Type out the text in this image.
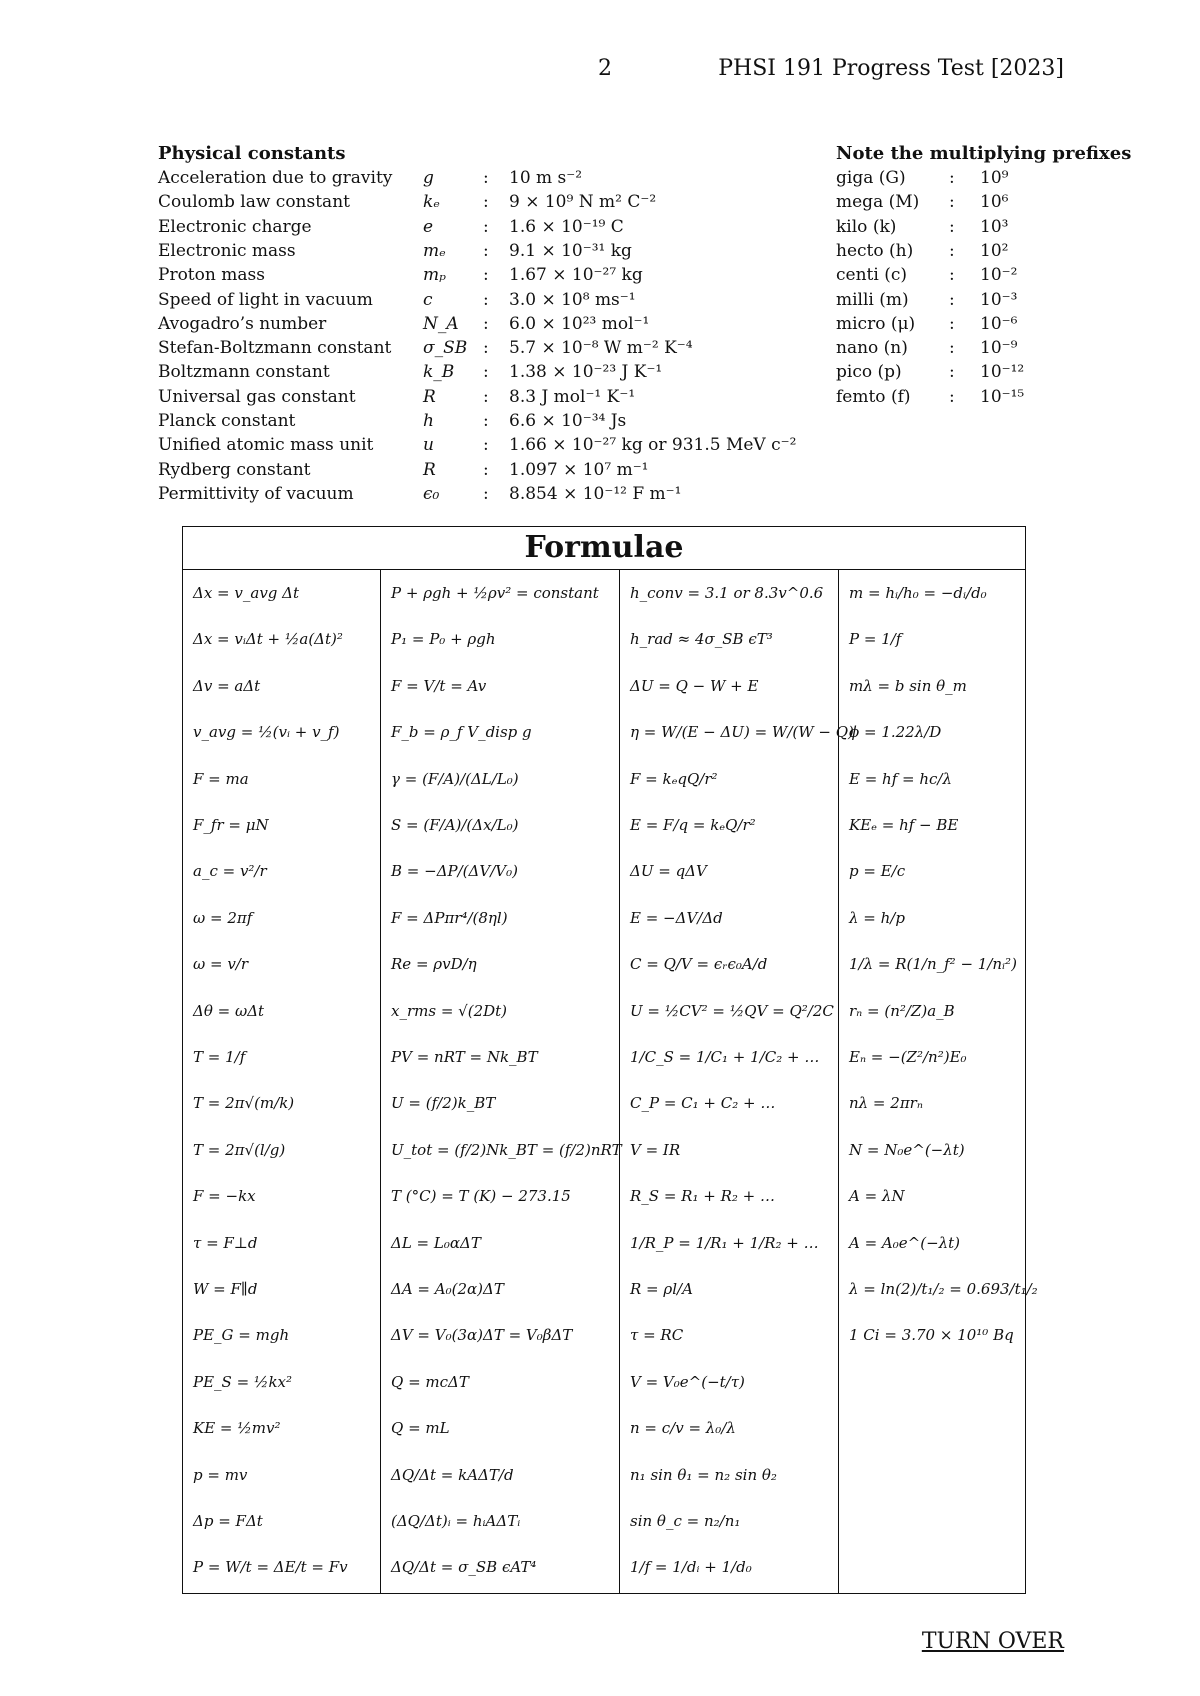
2	PHSI 191 Progress Test [2023]
Physical constants
Acceleration due to gravity g	: 10 m s⁻²
Coulomb law constant	kₑ	: 9 × 10⁹ N m² C⁻²
Electronic charge	e	: 1.6 × 10⁻¹⁹ C
Electronic mass	mₑ : 9.1 × 10⁻³¹ kg
Proton mass	mₚ : 1.67 × 10⁻²⁷ kg
Speed of light in vacuum	c	: 3.0 × 10⁸ ms⁻¹
Avogadro’s number	N_A : 6.0 × 10²³ mol⁻¹
Stefan-Boltzmann constant σ_SB : 5.7 × 10⁻⁸ W m⁻² K⁻⁴
Boltzmann constant	k_B : 1.38 × 10⁻²³ J K⁻¹
Universal gas constant	R	: 8.3 J mol⁻¹ K⁻¹
Planck constant	h	: 6.6 × 10⁻³⁴ Js
Unified atomic mass unit	u	: 1.66 × 10⁻²⁷ kg or 931.5 MeV c⁻²
Rydberg constant	R	: 1.097 × 10⁷ m⁻¹
Permittivity of vacuum	ϵ₀	: 8.854 × 10⁻¹² F m⁻¹
Note the multiplying prefixes
giga (G)	: 10⁹
mega (M) : 10⁶
kilo (k)	: 10³
hecto (h) : 10²
centi (c) : 10⁻²
milli (m) : 10⁻³
micro (μ) : 10⁻⁶
nano (n) : 10⁻⁹
pico (p)	: 10⁻¹²
femto (f) : 10⁻¹⁵
Formulae
Δx = v_avg Δt
Δx = vᵢΔt + ½a(Δt)²
Δv = aΔt
v_avg = ½(vᵢ + v_f)
F = ma
F_fr = μN
a_c = v²/r
ω = 2πf
ω = v/r
Δθ = ωΔt
T = 1/f
T = 2π√(m/k)
T = 2π√(l/g)
F = −kx
τ = F⊥d
W = F∥d
PE_G = mgh
PE_S = ½kx²
KE = ½mv²
p = mv
Δp = FΔt
P = W/t = ΔE/t = Fv
P + ρgh + ½ρv² = constant
P₁ = P₀ + ρgh
F = V/t = Av
F_b = ρ_f V_disp g
γ = (F/A)/(ΔL/L₀)
S = (F/A)/(Δx/L₀)
B = −ΔP/(ΔV/V₀)
F = ΔPπr⁴/(8ηl)
Re = ρvD/η
x_rms = √(2Dt)
PV = nRT = Nk_BT
U = (f/2)k_BT
U_tot = (f/2)Nk_BT = (f/2)nRT
T (°C) = T (K) − 273.15
ΔL = L₀αΔT
ΔA = A₀(2α)ΔT
ΔV = V₀(3α)ΔT = V₀βΔT
Q = mcΔT
Q = mL
ΔQ/Δt = kAΔT/d
(ΔQ/Δt)ᵢ = hᵢAΔTᵢ
ΔQ/Δt = σ_SB ϵAT⁴
h_conv = 3.1 or 8.3v^0.6
h_rad ≈ 4σ_SB ϵT³
ΔU = Q − W + E
η = W/(E − ΔU) = W/(W − Q)
F = kₑqQ/r²
E = F/q = kₑQ/r²
ΔU = qΔV
E = −ΔV/Δd
C = Q/V = ϵᵣϵ₀A/d
U = ½CV² = ½QV = Q²/2C
1/C_S = 1/C₁ + 1/C₂ + …
C_P = C₁ + C₂ + …
V = IR
R_S = R₁ + R₂ + …
1/R_P = 1/R₁ + 1/R₂ + …
R = ρl/A
τ = RC
V = V₀e^(−t/τ)
n = c/v = λ₀/λ
n₁ sin θ₁ = n₂ sin θ₂
sin θ_c = n₂/n₁
1/f = 1/dᵢ + 1/d₀
m = hᵢ/h₀ = −dᵢ/d₀
P = 1/f
mλ = b sin θ_m
ϕ = 1.22λ/D
E = hf = hc/λ
KEₑ = hf − BE
p = E/c
λ = h/p
1/λ = R(1/n_f² − 1/nᵢ²)
rₙ = (n²/Z)a_B
Eₙ = −(Z²/n²)E₀
nλ = 2πrₙ
N = N₀e^(−λt)
A = λN
A = A₀e^(−λt)
λ = ln(2)/t₁/₂ = 0.693/t₁/₂
1 Ci = 3.70 × 10¹⁰ Bq
TURN OVER
